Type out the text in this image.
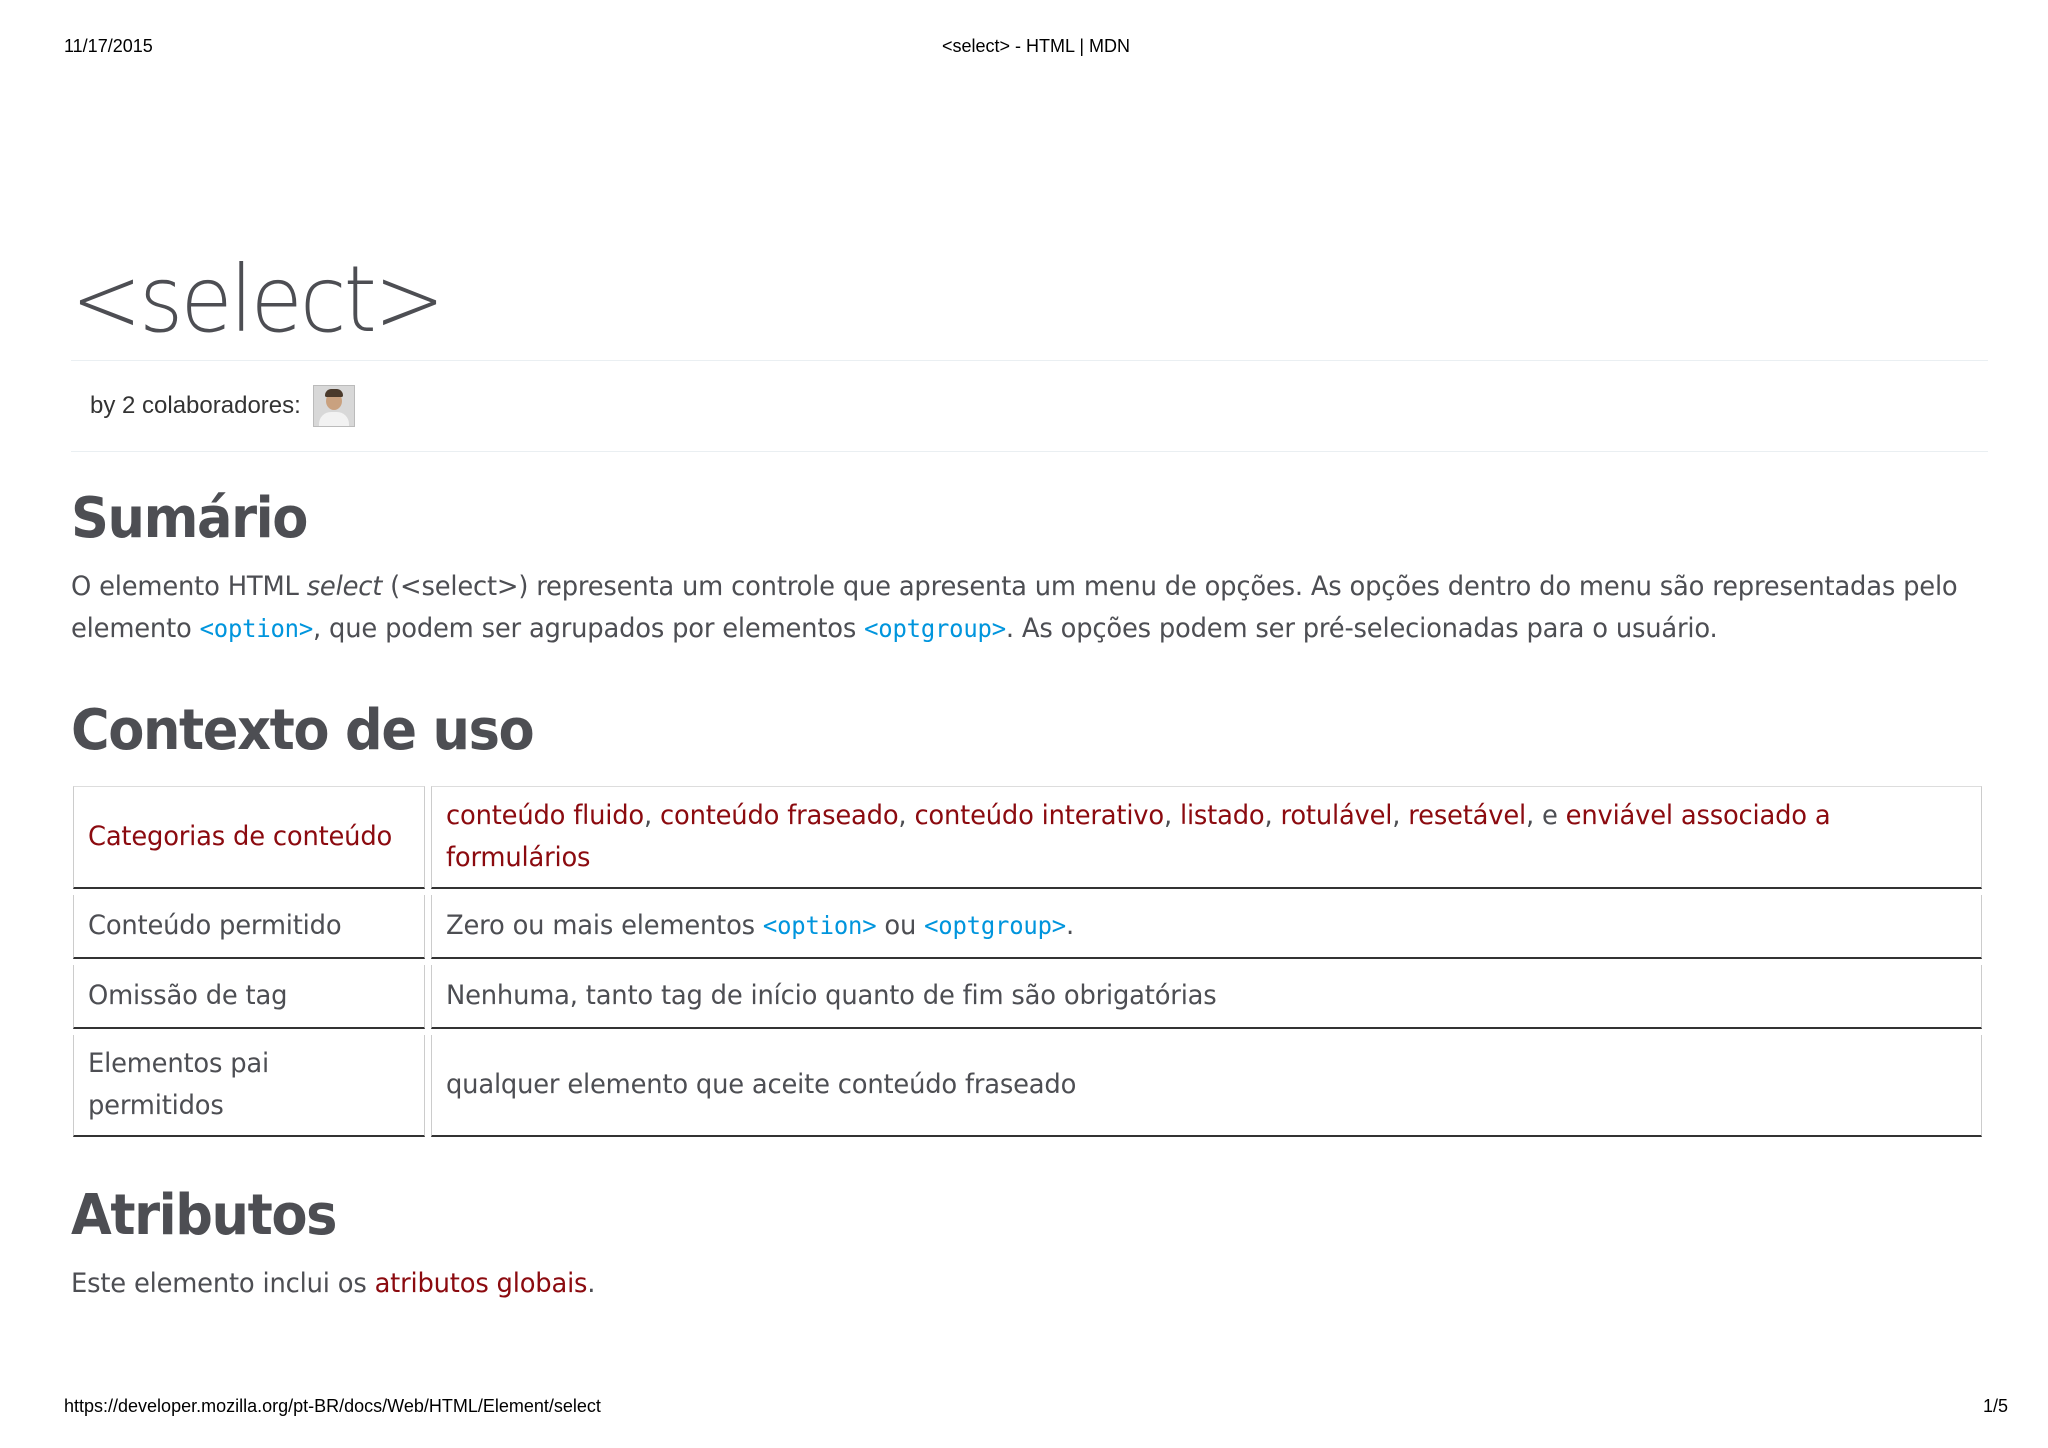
11/17/2015	<select> - HTML | MDN
<select>
by 2 colaboradores:
Sumário

O elemento HTML select (<select>) representa um controle que apresenta um menu de opções. As opções dentro do menu são representadas pelo elemento <option>, que podem ser agrupados por elementos <optgroup>. As opções podem ser pré-selecionadas para o usuário.

Contexto de uso
Categorias de conteúdo	conteúdo fluido, conteúdo fraseado, conteúdo interativo, listado, rotulável, resetável, e enviável associado a formulários

Conteúdo permitido	Zero ou mais elementos <option> ou <optgroup>.

Omissão de tag	Nenhuma, tanto tag de início quanto de fim são obrigatórias

Elementos pai permitidos	qualquer elemento que aceite conteúdo fraseado
Atributos

Este elemento inclui os atributos globais.

https://developer.mozilla.org/pt-BR/docs/Web/HTML/Element/select	1/5
